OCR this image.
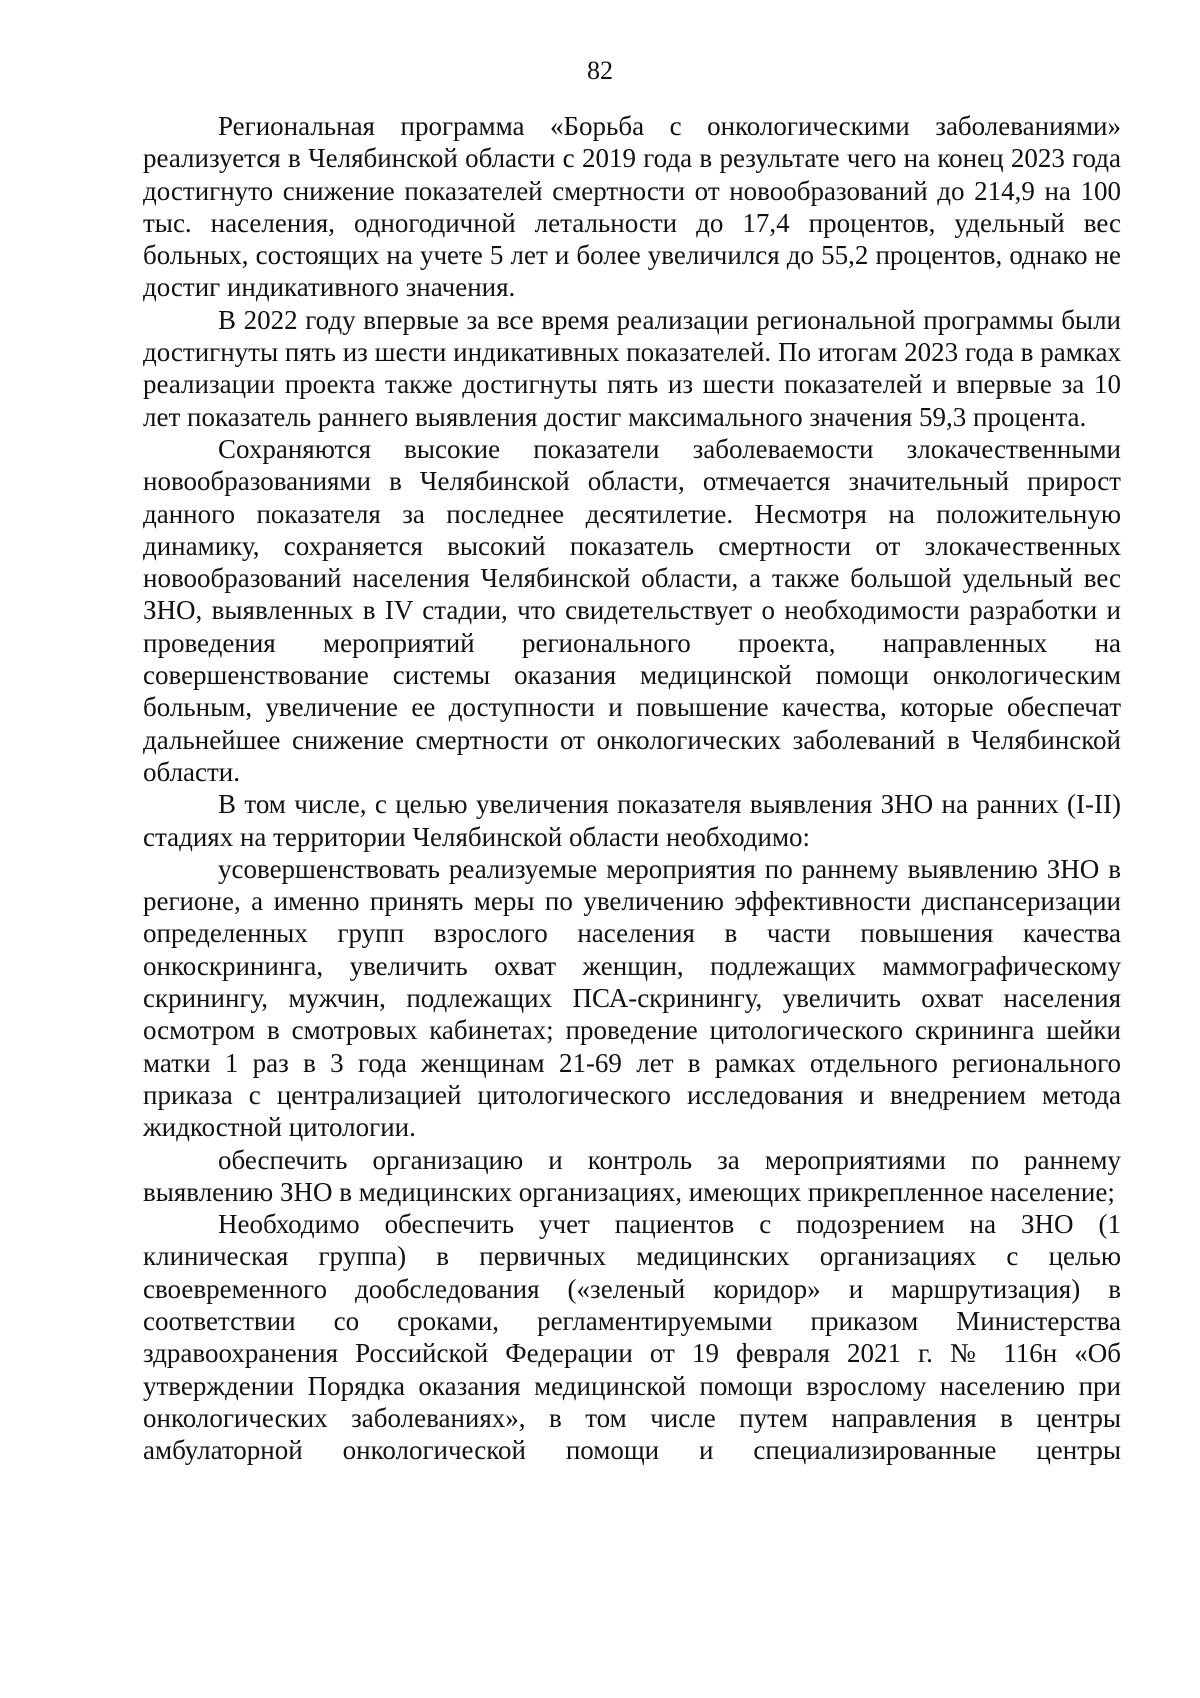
82

Региональная программа «Борьба с онкологическими заболеваниями» реализуется в Челябинской области с 2019 года в результате чего на конец 2023 года достигнуто снижение показателей смертности от новообразований до 214,9 на 100 тыс. населения, одногодичной летальности до 17,4 процентов, удельный вес больных, состоящих на учете 5 лет и более увеличился до 55,2 процентов, однако не достиг индикативного значения.

В 2022 году впервые за все время реализации региональной программы были достигнуты пять из шести индикативных показателей. По итогам 2023 года в рамках реализации проекта также достигнуты пять из шести показателей и впервые за 10 лет показатель раннего выявления достиг максимального значения 59,3 процента.

Сохраняются высокие показатели заболеваемости злокачественными новообразованиями в Челябинской области, отмечается значительный прирост данного показателя за последнее десятилетие. Несмотря на положительную динамику, сохраняется высокий показатель смертности от злокачественных новообразований населения Челябинской области, а также большой удельный вес ЗНО, выявленных в IV стадии, что свидетельствует о необходимости разработки и проведения мероприятий регионального проекта, направленных на совершенствование системы оказания медицинской помощи онкологическим больным, увеличение ее доступности и повышение качества, которые обеспечат дальнейшее снижение смертности от онкологических заболеваний в Челябинской области.

В том числе, с целью увеличения показателя выявления ЗНО на ранних (I-II) стадиях на территории Челябинской области необходимо:

усовершенствовать реализуемые мероприятия по раннему выявлению ЗНО в регионе, а именно принять меры по увеличению эффективности диспансеризации определенных групп взрослого населения в части повышения качества онкоскрининга, увеличить охват женщин, подлежащих маммографическому скринингу, мужчин, подлежащих ПСА-скринингу, увеличить охват населения осмотром в смотровых кабинетах; проведение цитологического скрининга шейки матки 1 раз в 3 года женщинам 21-69 лет в рамках отдельного регионального приказа с централизацией цитологического исследования и внедрением метода жидкостной цитологии.

обеспечить организацию и контроль за мероприятиями по раннему выявлению ЗНО в медицинских организациях, имеющих прикрепленное население;

Необходимо обеспечить учет пациентов с подозрением на ЗНО (1 клиническая группа) в первичных медицинских организациях с целью своевременного дообследования («зеленый коридор» и маршрутизация) в соответствии со сроками, регламентируемыми приказом Министерства здравоохранения Российской Федерации от 19 февраля 2021 г. № 116н «Об утверждении Порядка оказания медицинской помощи взрослому населению при онкологических заболеваниях», в том числе путем направления в центры амбулаторной онкологической помощи и специализированные центры
